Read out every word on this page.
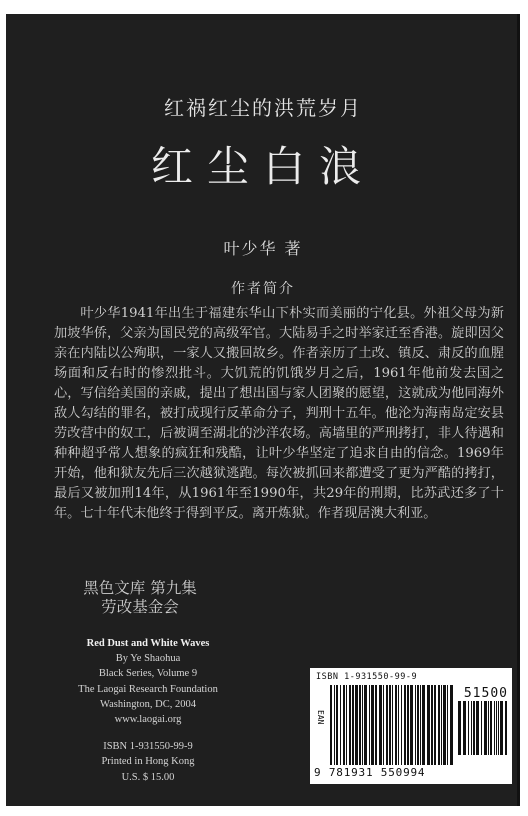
红祸红尘的洪荒岁月
红尘白浪
叶少华 著
作者简介
叶少华1941年出生于福建东华山下朴实而美丽的宁化县。外祖父母为新加坡华侨，父亲为国民党的高级军官。大陆易手之时举家迁至香港。旋即因父亲在内陆以公殉职，一家人又搬回故乡。作者亲历了土改、镇反、肃反的血腥场面和反右时的惨烈批斗。大饥荒的饥饿岁月之后，1961年他前发去国之心，写信给美国的亲戚，提出了想出国与家人团聚的愿望，这就成为他同海外敌人勾结的罪名，被打成现行反革命分子，判刑十五年。他沦为海南岛定安县劳改营中的奴工，后被调至湖北的沙洋农场。高墙里的严刑拷打，非人待遇和种种超乎常人想象的疯狂和残酷，让叶少华坚定了追求自由的信念。1969年开始，他和狱友先后三次越狱逃跑。每次被抓回来都遭受了更为严酷的拷打，最后又被加刑14年，从1961年至1990年，共29年的刑期，比苏武还多了十年。七十年代末他终于得到平反。离开炼狱。作者现居澳大利亚。
黑色文库 第九集
劳改基金会
Red Dust and White Waves
By Ye Shaohua
Black Series, Volume 9
The Laogai Research Foundation
Washington, DC, 2004
www.laogai.org
ISBN 1-931550-99-9
Printed in Hong Kong
U.S. $ 15.00
ISBN 1-931550-99-9
51500
EAN
9 781931 550994
